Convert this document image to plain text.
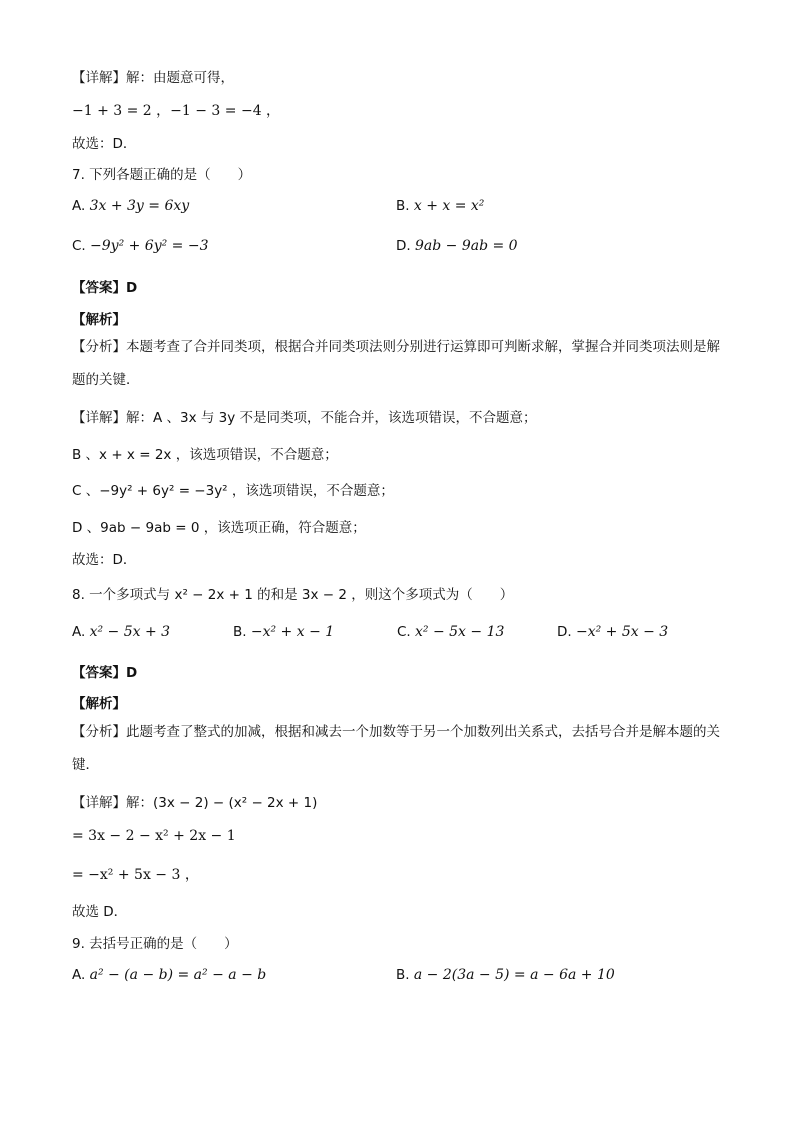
【详解】解：由题意可得，
−1 + 3 = 2 ，−1 − 3 = −4 ，
故选：D．
7. 下列各题正确的是（　　）
A. 3x + 3y = 6xy	B. x + x = x²
C. −9y² + 6y² = −3	D. 9ab − 9ab = 0
【答案】D
【解析】
【分析】本题考查了合并同类项，根据合并同类项法则分别进行运算即可判断求解，掌握合并同类项法则是解题的关键．
【详解】解：A 、3x 与 3y 不是同类项，不能合并，该选项错误，不合题意；
B 、x + x = 2x ，该选项错误，不合题意；
C 、−9y² + 6y² = −3y² ，该选项错误，不合题意；
D 、9ab − 9ab = 0 ，该选项正确，符合题意；
故选：D．
8. 一个多项式与 x² − 2x + 1 的和是 3x − 2 ，则这个多项式为（　　）
A. x² − 5x + 3	B. −x² + x − 1	C. x² − 5x − 13	D. −x² + 5x − 3
【答案】D
【解析】
【分析】此题考查了整式的加减，根据和减去一个加数等于另一个加数列出关系式，去括号合并是解本题的关键．
【详解】解：(3x − 2) − (x² − 2x + 1)
= 3x − 2 − x² + 2x − 1
= −x² + 5x − 3 ，
故选 D．
9. 去括号正确的是（　　）
A. a² − (a − b) = a² − a − b	B. a − 2(3a − 5) = a − 6a + 10
